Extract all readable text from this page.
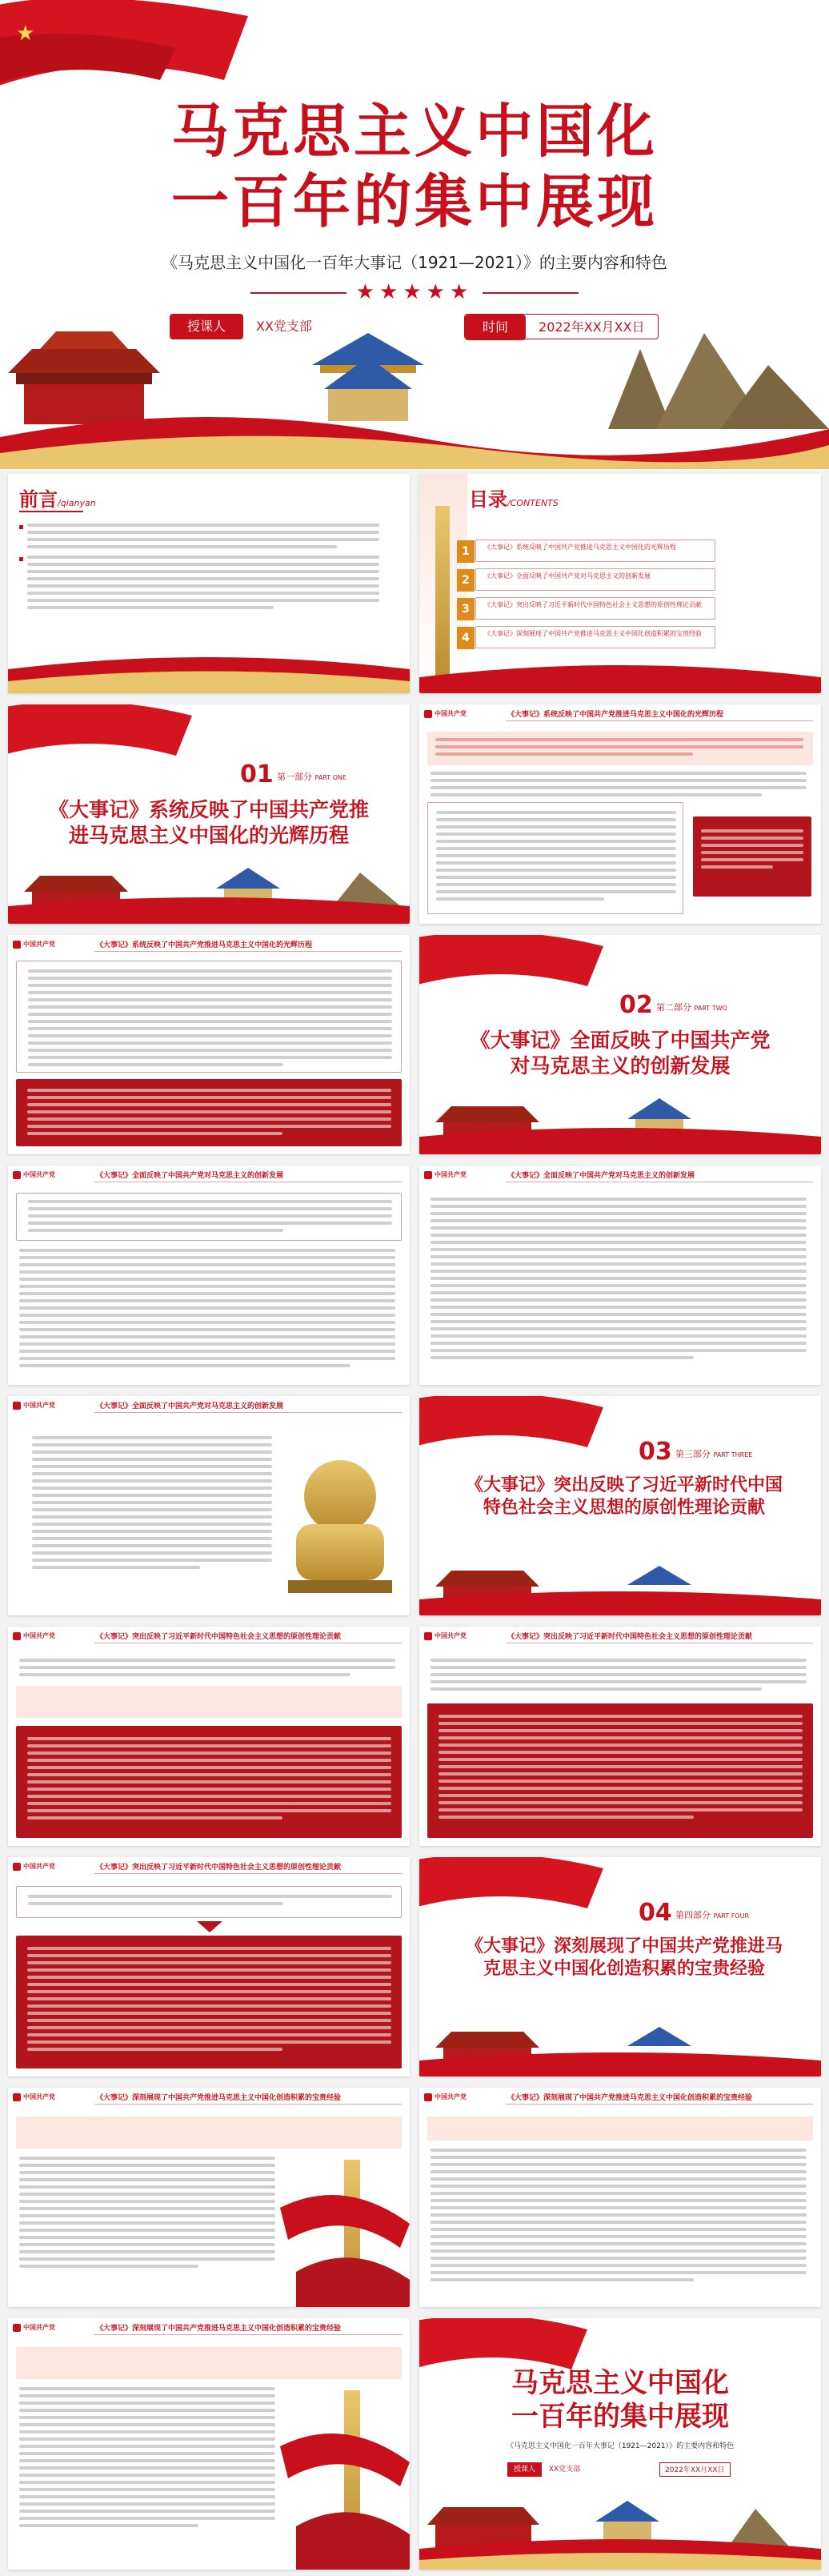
★
马克思主义中国化
一百年的集中展现
《马克思主义中国化一百年大事记（1921—2021）》的主要内容和特色
★★★★★
授课人 XX党支部	时间 2022年XX月XX日
前言/qianyan	目录/CONTENTS
1	《大事记》系统反映了中国共产党推进马克思主义中国化的光辉历程
2	《大事记》全面反映了中国共产党对马克思主义的创新发展
3	《大事记》突出反映了习近平新时代中国特色社会主义思想的原创性理论贡献
4	《大事记》深刻展现了中国共产党推进马克思主义中国化创造积累的宝贵经验
01 第一部分 PART ONE
《大事记》系统反映了中国共产党推进马克思主义中国化的光辉历程
中国共产党	《大事记》系统反映了中国共产党推进马克思主义中国化的光辉历程
中国共产党	《大事记》系统反映了中国共产党推进马克思主义中国化的光辉历程
02 第二部分 PART TWO
《大事记》全面反映了中国共产党对马克思主义的创新发展
中国共产党	《大事记》全面反映了中国共产党对马克思主义的创新发展	中国共产党	《大事记》全面反映了中国共产党对马克思主义的创新发展
中国共产党	《大事记》全面反映了中国共产党对马克思主义的创新发展
03 第三部分 PART THREE
《大事记》突出反映了习近平新时代中国特色社会主义思想的原创性理论贡献
中国共产党	《大事记》突出反映了习近平新时代中国特色社会主义思想的原创性理论贡献	中国共产党	《大事记》突出反映了习近平新时代中国特色社会主义思想的原创性理论贡献
中国共产党	《大事记》突出反映了习近平新时代中国特色社会主义思想的原创性理论贡献
04 第四部分 PART FOUR
《大事记》深刻展现了中国共产党推进马克思主义中国化创造积累的宝贵经验
中国共产党	《大事记》深刻展现了中国共产党推进马克思主义中国化创造积累的宝贵经验	中国共产党	《大事记》深刻展现了中国共产党推进马克思主义中国化创造积累的宝贵经验
中国共产党	《大事记》深刻展现了中国共产党推进马克思主义中国化创造积累的宝贵经验
马克思主义中国化
一百年的集中展现
《马克思主义中国化一百年大事记（1921—2021）》的主要内容和特色
授课人 XX党支部	2022年XX月XX日
